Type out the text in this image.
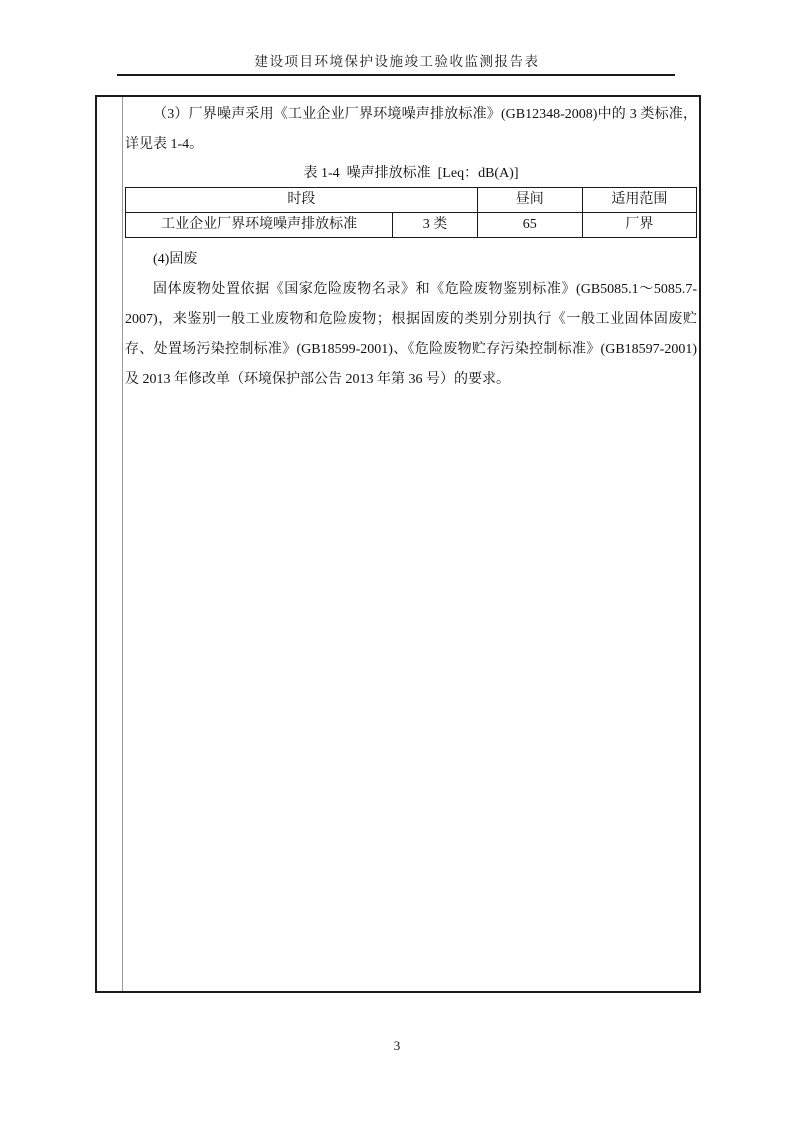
建设项目环境保护设施竣工验收监测报告表

（3）厂界噪声采用《工业企业厂界环境噪声排放标准》(GB12348-2008)中的 3 类标准，详见表 1-4。

表 1-4  噪声排放标准  [Leq：dB(A)]
时段		昼间	适用范围
工业企业厂界环境噪声排放标准	3 类	65	厂界

(4)固废

固体废物处置依据《国家危险废物名录》和《危险废物鉴别标准》(GB5085.1～5085.7-2007)，来鉴别一般工业废物和危险废物；根据固废的类别分别执行《一般工业固体固废贮存、处置场污染控制标准》(GB18599-2001)、《危险废物贮存污染控制标准》(GB18597-2001) 及 2013 年修改单（环境保护部公告 2013 年第 36 号）的要求。

3
